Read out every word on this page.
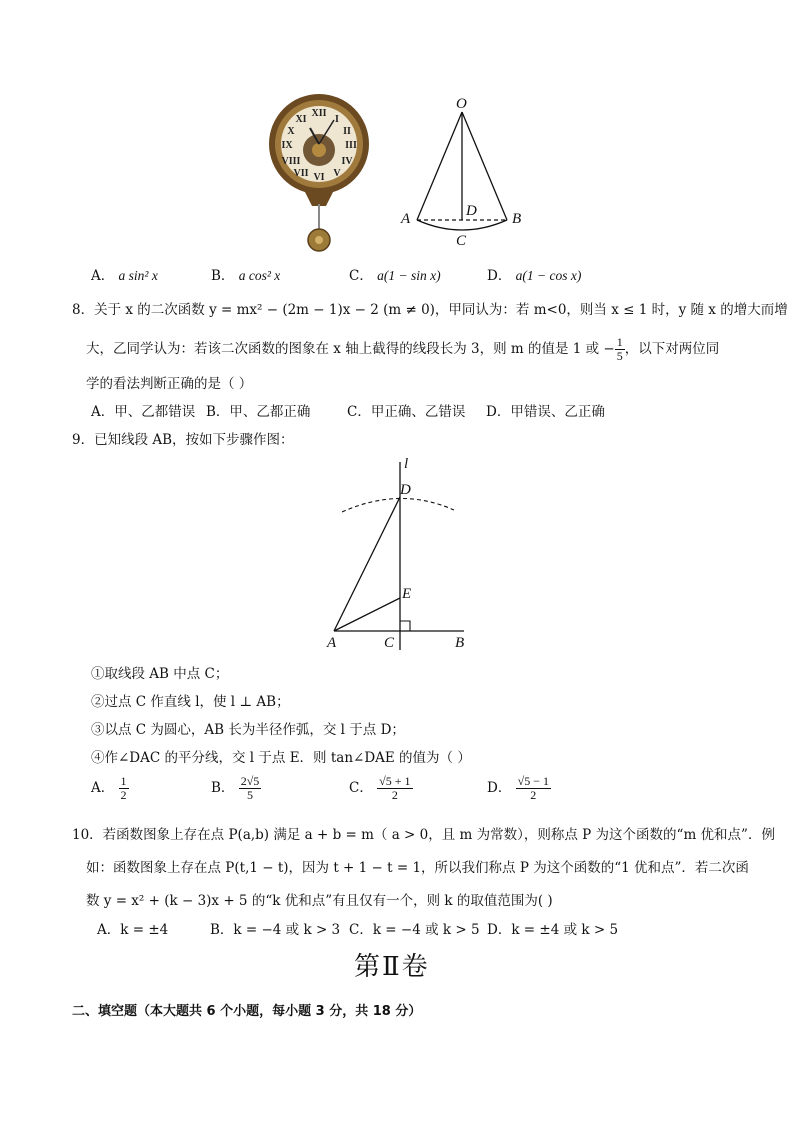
XII
III
VI
IX
I
II
IV
V
VII
VIII
X
XI
O
A	B
D
C
A． a sin² x	B． a cos² x	C． a(1 − sin x)	D． a(1 − cos x)
8．关于 x 的二次函数 y = mx² − (2m − 1)x − 2 (m ≠ 0)，甲同认为：若 m<0，则当 x ≤ 1 时，y 随 x 的增大而增
大，乙同学认为：若该二次函数的图象在 x 轴上截得的线段长为 3，则 m 的值是 1 或 − $\frac{1}{5}$ ，以下对两位同
学的看法判断正确的是（ ）
A．甲、乙都错误 B．甲、乙都正确	C．甲正确、乙错误 D．甲错误、乙正确
9．已知线段 AB，按如下步骤作图：
l
D
E
A	C	B
①取线段 AB 中点 C；
②过点 C 作直线 l，使 l ⊥ AB；
③以点 C 为圆心，AB 长为半径作弧，交 l 于点 D；
④作∠DAC 的平分线，交 l 于点 E．则 tan∠DAE 的值为（ ）
A． $\frac{1}{2}$	B． $\frac{2√5}{5}$	C． $\frac{√5 + 1}{2}$	D． $\frac{√5 - 1}{2}$
10．若函数图象上存在点 P(a,b) 满足 a + b = m（ a > 0，且 m 为常数），则称点 P 为这个函数的“m 优和点”．例
如：函数图象上存在点 P(t,1 − t)，因为 t + 1 − t = 1，所以我们称点 P 为这个函数的“1 优和点”．若二次函
数 y = x² + (k − 3)x + 5 的“k 优和点”有且仅有一个，则 k 的取值范围为( )
A．k = ±4	B．k = −4 或 k > 3 C．k = −4 或 k > 5 D．k = ±4 或 k > 5
第Ⅱ卷
二、填空题（本大题共 6 个小题，每小题 3 分，共 18 分）
